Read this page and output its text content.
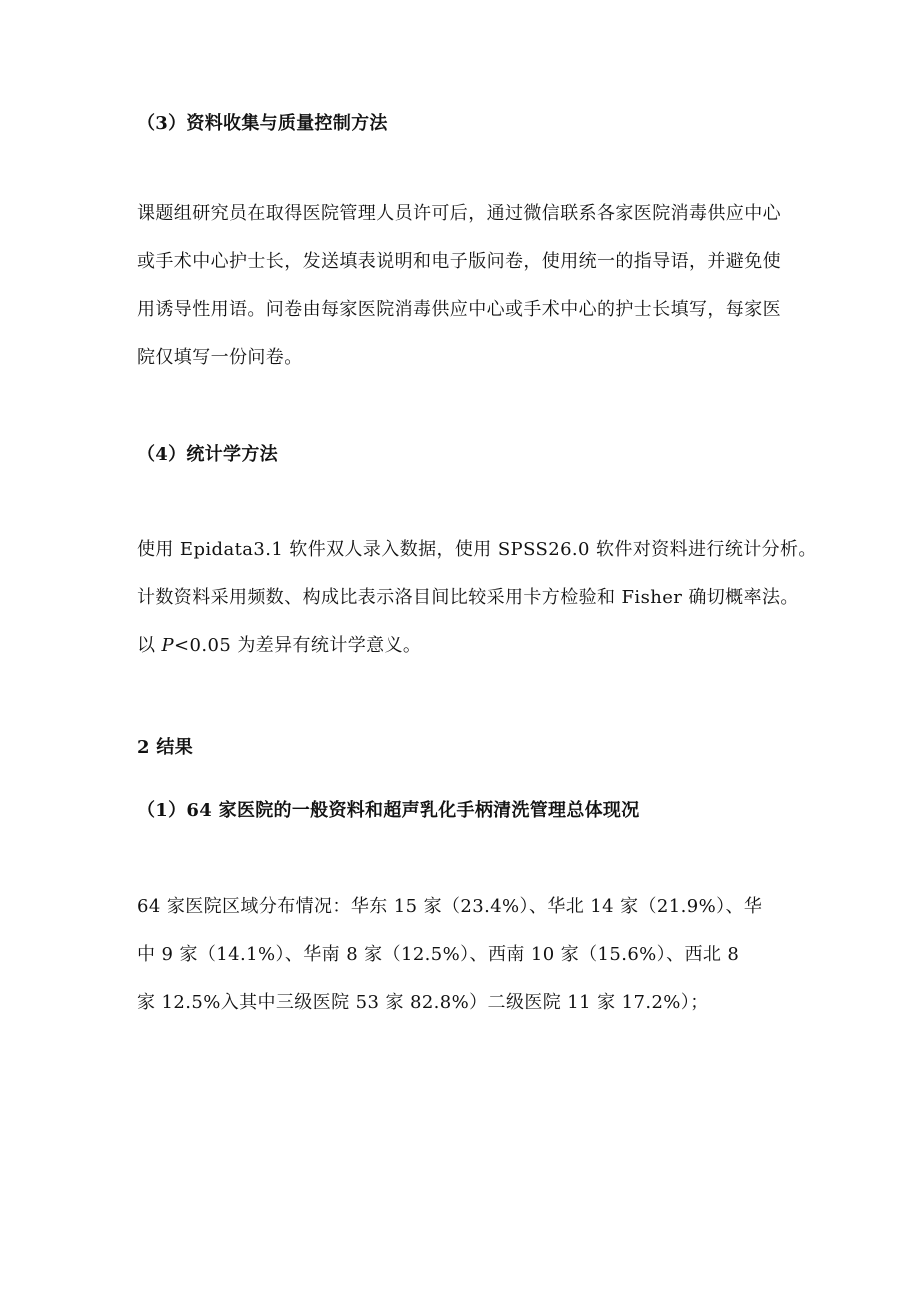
（3）资料收集与质量控制方法
课题组研究员在取得医院管理人员许可后，通过微信联系各家医院消毒供应中心
或手术中心护士长，发送填表说明和电子版问卷，使用统一的指导语，并避免使
用诱导性用语。问卷由每家医院消毒供应中心或手术中心的护士长填写，每家医
院仅填写一份问卷。
（4）统计学方法
使用 Epidata3.1 软件双人录入数据，使用 SPSS26.0 软件对资料进行统计分析。
计数资料采用频数、构成比表示洛目间比较采用卡方检验和 Fisher 确切概率法。
以 P<0.05 为差异有统计学意义。
2 结果
（1）64 家医院的一般资料和超声乳化手柄清洗管理总体现况
64 家医院区域分布情况：华东 15 家（23.4%）、华北 14 家（21.9%）、华
中 9 家（14.1%）、华南 8 家（12.5%）、西南 10 家（15.6%）、西北 8
家 12.5%入其中三级医院 53 家 82.8%）二级医院 11 家 17.2%）；
